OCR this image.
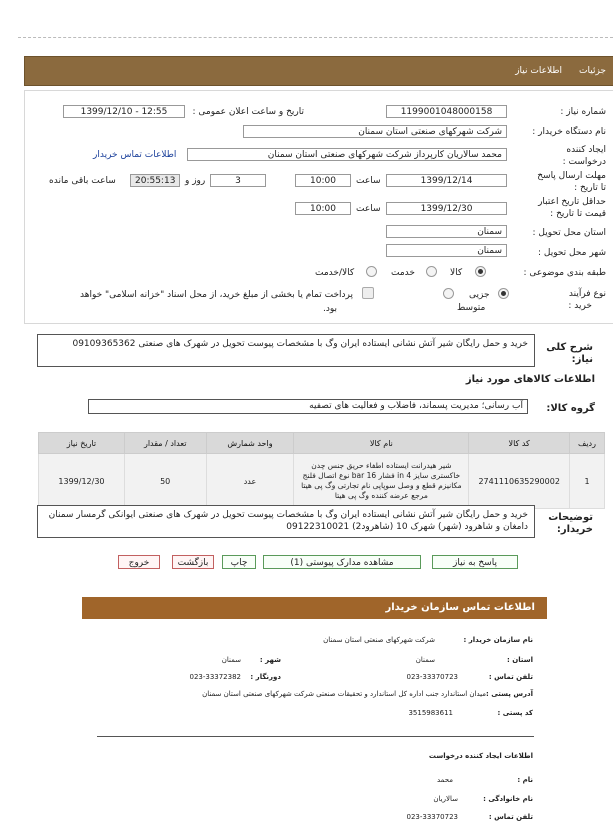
جزئیات
اطلاعات نیاز
شماره نیاز :
1199001048000158
تاریخ و ساعت اعلان عمومی :
1399/12/10 - 12:55
نام دستگاه خریدار :
شرکت شهرکهای صنعتی استان سمنان
ایجاد کننده
درخواست :
محمد سالاریان کارپرداز شرکت شهرکهای صنعتی استان سمنان
اطلاعات تماس خریدار
مهلت ارسال پاسخ
تا تاریخ :
1399/12/14
ساعت
10:00
3
روز و
20:55:13
ساعت باقی مانده
حداقل تاریخ اعتبار
قیمت تا تاریخ :
1399/12/30
ساعت
10:00
استان محل تحویل :
سمنان
شهر محل تحویل :
سمنان
طبقه بندی موضوعی :
کالا
خدمت
کالا/خدمت
نوع فرآیند
خرید :
جزیی
متوسط
پرداخت تمام یا بخشی از مبلغ خرید، از محل اسناد "خزانه اسلامی" خواهد
بود.
شرح کلی
نیاز:
خرید و حمل رایگان شیر آتش نشانی ایستاده ایران وگ با مشخصات پیوست تحویل در شهرک های صنعتی 09109365362
اطلاعات کالاهای مورد نیاز
گروه کالا:
آب رسانی؛ مدیریت پسماند، فاضلاب و فعالیت های تصفیه
ردیف	کد کالا	نام کالا	واحد شمارش	تعداد / مقدار	تاریخ نیاز
1	2741110635290002	شیر هیدرانت ایستاده اطفاء حریق جنس چدن خاکستری سایز 4 in فشار 16 bar نوع اتصال فلنج مکانیزم قطع و وصل سوپاپی نام تجارتی وگ پی هیتا مرجع عرضه کننده وگ پی هیتا	عدد	50	1399/12/30
توضیحات
خریدار:
خرید و حمل رایگان شیر آتش نشانی ایستاده ایران وگ با مشخصات پیوست تحویل در شهرک های صنعتی ایوانکی گرمسار سمنان دامغان و شاهرود (شهر) شهرک 10 (شاهرود2) 09122310021
پاسخ به نیاز
مشاهده مدارک پیوستی (1)
چاپ
بازگشت
خروج
اطلاعات تماس سازمان خریدار
نام سازمان خریدار :
شرکت شهرکهای صنعتی استان سمنان
استان :
سمنان
شهر :
سمنان
تلفن تماس :
023-33370723
دورنگار :
023-33372382
آدرس پستی :
میدان استاندارد جنب اداره کل استاندارد و تحقیقات صنعتی شرکت شهرکهای صنعتی استان سمنان
کد پستی :
3515983611
اطلاعات ایجاد کننده درخواست
نام :
محمد
نام خانوادگی :
سالاریان
تلفن تماس :
023-33370723
